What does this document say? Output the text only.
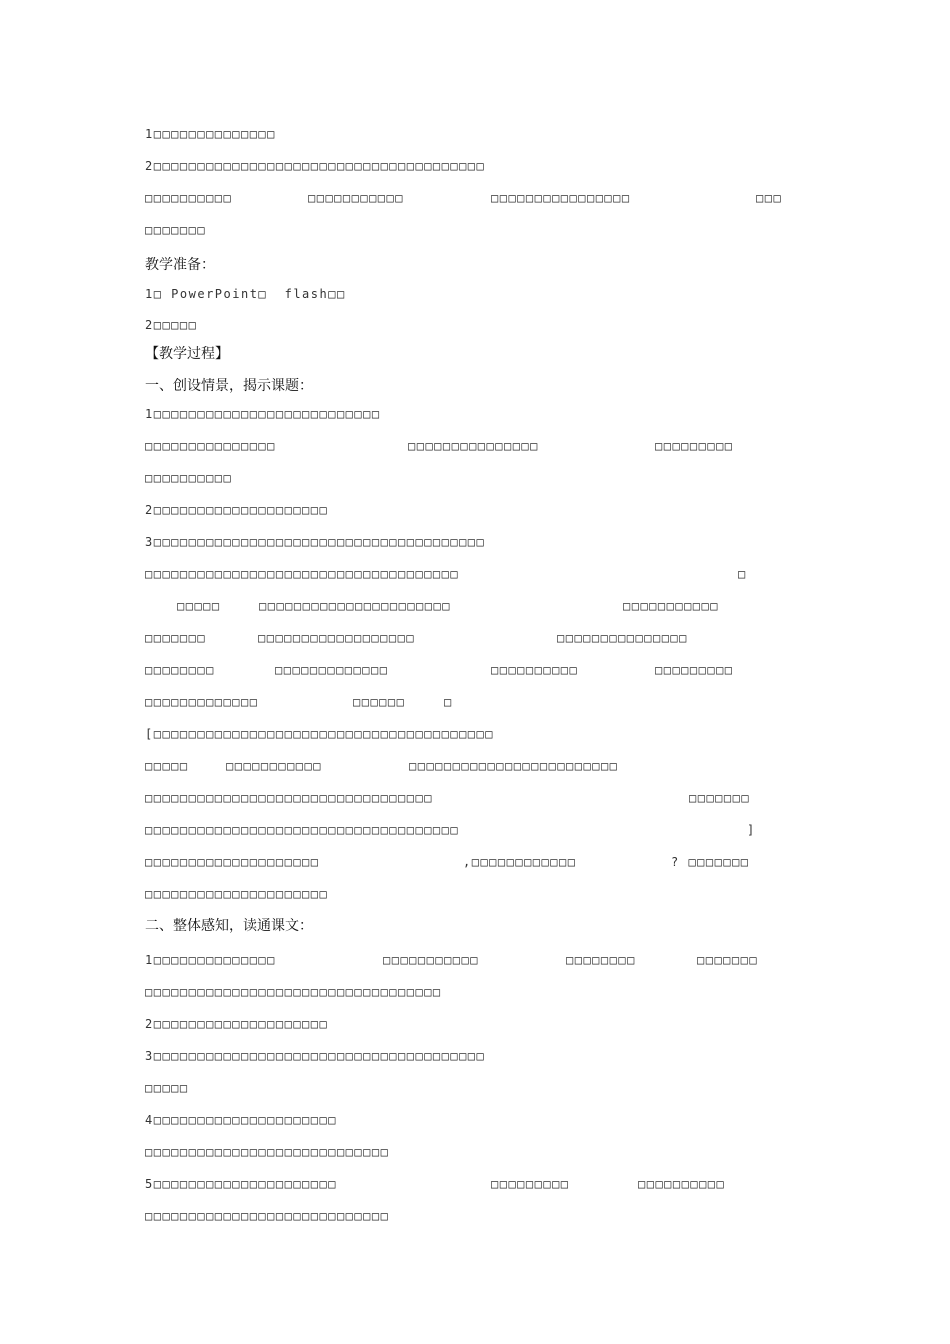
1□□□□□□□□□□□□□□
2□□□□□□□□□□□□□□□□□□□□□□□□□□□□□□□□□□□□□□
□□□□□□□□□□	□□□□□□□□□□□	□□□□□□□□□□□□□□□□	□□□
□□□□□□□
教学准备：
1□ PowerPoint□  flash□□
2□□□□□
【教学过程】
一、创设情景，揭示课题：
1□□□□□□□□□□□□□□□□□□□□□□□□□□
□□□□□□□□□□□□□□□	□□□□□□□□□□□□□□□	□□□□□□□□□
□□□□□□□□□□
2□□□□□□□□□□□□□□□□□□□□
3□□□□□□□□□□□□□□□□□□□□□□□□□□□□□□□□□□□□□□
□□□□□□□□□□□□□□□□□□□□□□□□□□□□□□□□□□□□	□
□□□□□	□□□□□□□□□□□□□□□□□□□□□□	□□□□□□□□□□□
□□□□□□□	□□□□□□□□□□□□□□□□□□	□□□□□□□□□□□□□□□
□□□□□□□□	□□□□□□□□□□□□□	□□□□□□□□□□	□□□□□□□□□
□□□□□□□□□□□□□	□□□□□□	□
[□□□□□□□□□□□□□□□□□□□□□□□□□□□□□□□□□□□□□□□
□□□□□	□□□□□□□□□□□	□□□□□□□□□□□□□□□□□□□□□□□□
□□□□□□□□□□□□□□□□□□□□□□□□□□□□□□□□□	□□□□□□□
□□□□□□□□□□□□□□□□□□□□□□□□□□□□□□□□□□□□	]
□□□□□□□□□□□□□□□□□□□□	,□□□□□□□□□□□□	? □□□□□□□
□□□□□□□□□□□□□□□□□□□□□
二、整体感知，读通课文：
1□□□□□□□□□□□□□□	□□□□□□□□□□□	□□□□□□□□	□□□□□□□
□□□□□□□□□□□□□□□□□□□□□□□□□□□□□□□□□□
2□□□□□□□□□□□□□□□□□□□□
3□□□□□□□□□□□□□□□□□□□□□□□□□□□□□□□□□□□□□□
□□□□□
4□□□□□□□□□□□□□□□□□□□□□
□□□□□□□□□□□□□□□□□□□□□□□□□□□□
5□□□□□□□□□□□□□□□□□□□□□	□□□□□□□□□	□□□□□□□□□□
□□□□□□□□□□□□□□□□□□□□□□□□□□□□
